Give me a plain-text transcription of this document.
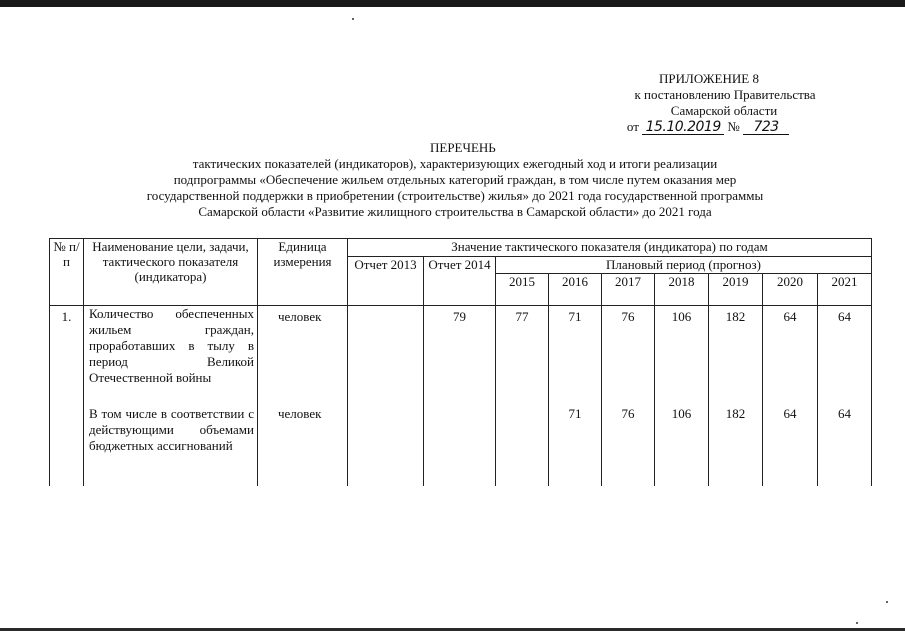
ПРИЛОЖЕНИЕ 8
к постановлению Правительства
Самарской области
от 15.10.2019 № 723
ПЕРЕЧЕНЬ
тактических показателей (индикаторов), характеризующих ежегодный ход и итоги реализации
подпрограммы «Обеспечение жильем отдельных категорий граждан, в том числе путем оказания мер
государственной поддержки в приобретении (строительстве) жилья» до 2021 года государственной программы
Самарской области «Развитие жилищного строительства в Самарской области» до 2021 года
№ п/п	Наименование цели, задачи, тактического показателя (индикатора)	Единица измерения	Значение тактического показателя (индикатора) по годам								
			Отчет 2013	Отчет 2014	Плановый период (прогноз)						
					2015	2016	2017	2018	2019	2020	2021
1.	Количество обеспеченных жильем граждан, проработавших в тылу в период Великой Отечественной войны	человек		79	77	71	76	106	182	64	64
	В том числе в соответствии с действующими объемами бюджетных ассигнований	человек				71	76	106	182	64	64
